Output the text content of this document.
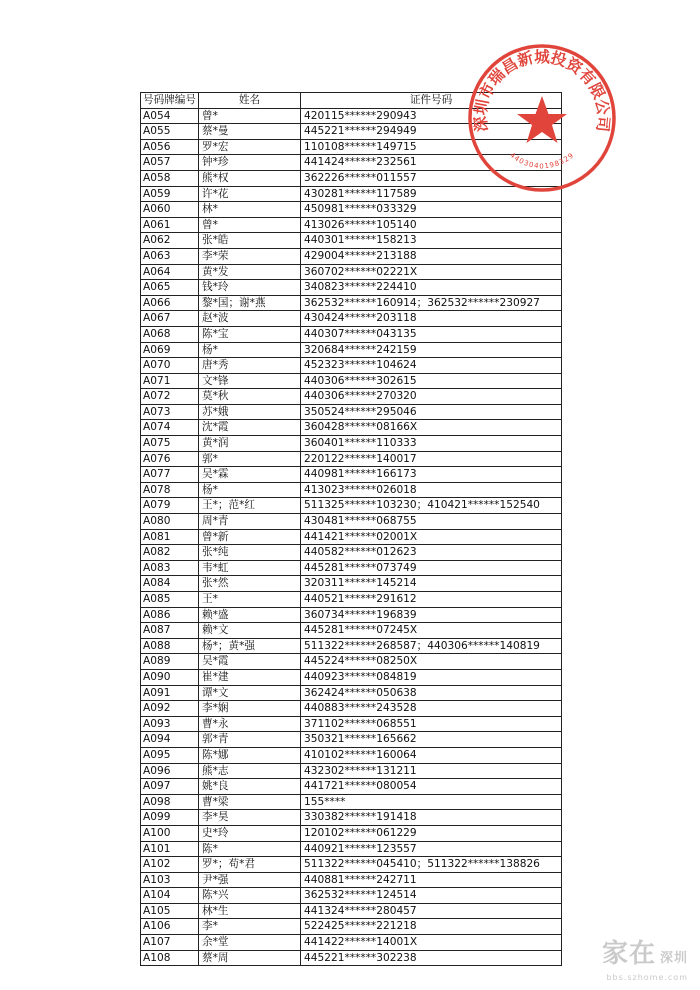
号码牌编号	姓名	证件号码
A054	曾*	420115******290943
A055	蔡*曼	445221******294949
A056	罗*宏	110108******149715
A057	钟*珍	441424******232561
A058	熊*权	362226******011557
A059	许*花	430281******117589
A060	林*	450981******033329
A061	曾*	413026******105140
A062	张*皓	440301******158213
A063	李*荣	429004******213188
A064	黄*发	360702******02221X
A065	钱*玲	340823******224410
A066	黎*国；谢*燕	362532******160914；362532******230927
A067	赵*波	430424******203118
A068	陈*宝	440307******043135
A069	杨*	320684******242159
A070	唐*秀	452323******104624
A071	文*锋	440306******302615
A072	莫*秋	440306******270320
A073	苏*娥	350524******295046
A074	沈*霞	360428******08166X
A075	黄*润	360401******110333
A076	郭*	220122******140017
A077	吴*霖	440981******166173
A078	杨*	413023******026018
A079	王*；范*红	511325******103230；410421******152540
A080	周*青	430481******068755
A081	曾*新	441421******02001X
A082	张*纯	440582******012623
A083	韦*虹	445281******073749
A084	张*然	320311******145214
A085	王*	440521******291612
A086	赖*盛	360734******196839
A087	赖*文	445281******07245X
A088	杨*；黄*强	511322******268587；440306******140819
A089	吴*霞	445224******08250X
A090	崔*建	440923******084819
A091	谭*文	362424******050638
A092	李*娴	440883******243528
A093	曹*永	371102******068551
A094	郭*青	350321******165662
A095	陈*娜	410102******160064
A096	熊*志	432302******131211
A097	姚*良	441721******080054
A098	曹*梁	155****
A099	李*昊	330382******191418
A100	史*玲	120102******061229
A101	陈*	440921******123557
A102	罗*；苟*君	511322******045410；511322******138826
A103	尹*强	440881******242711
A104	陈*兴	362532******124514
A105	林*生	441324******280457
A106	李*	522425******221218
A107	余*堂	441422******14001X
A108	蔡*周	445221******302238
深圳市瑞昌新城投资有限公司
4403040198329
家在 深圳
bbs.szhome.com
